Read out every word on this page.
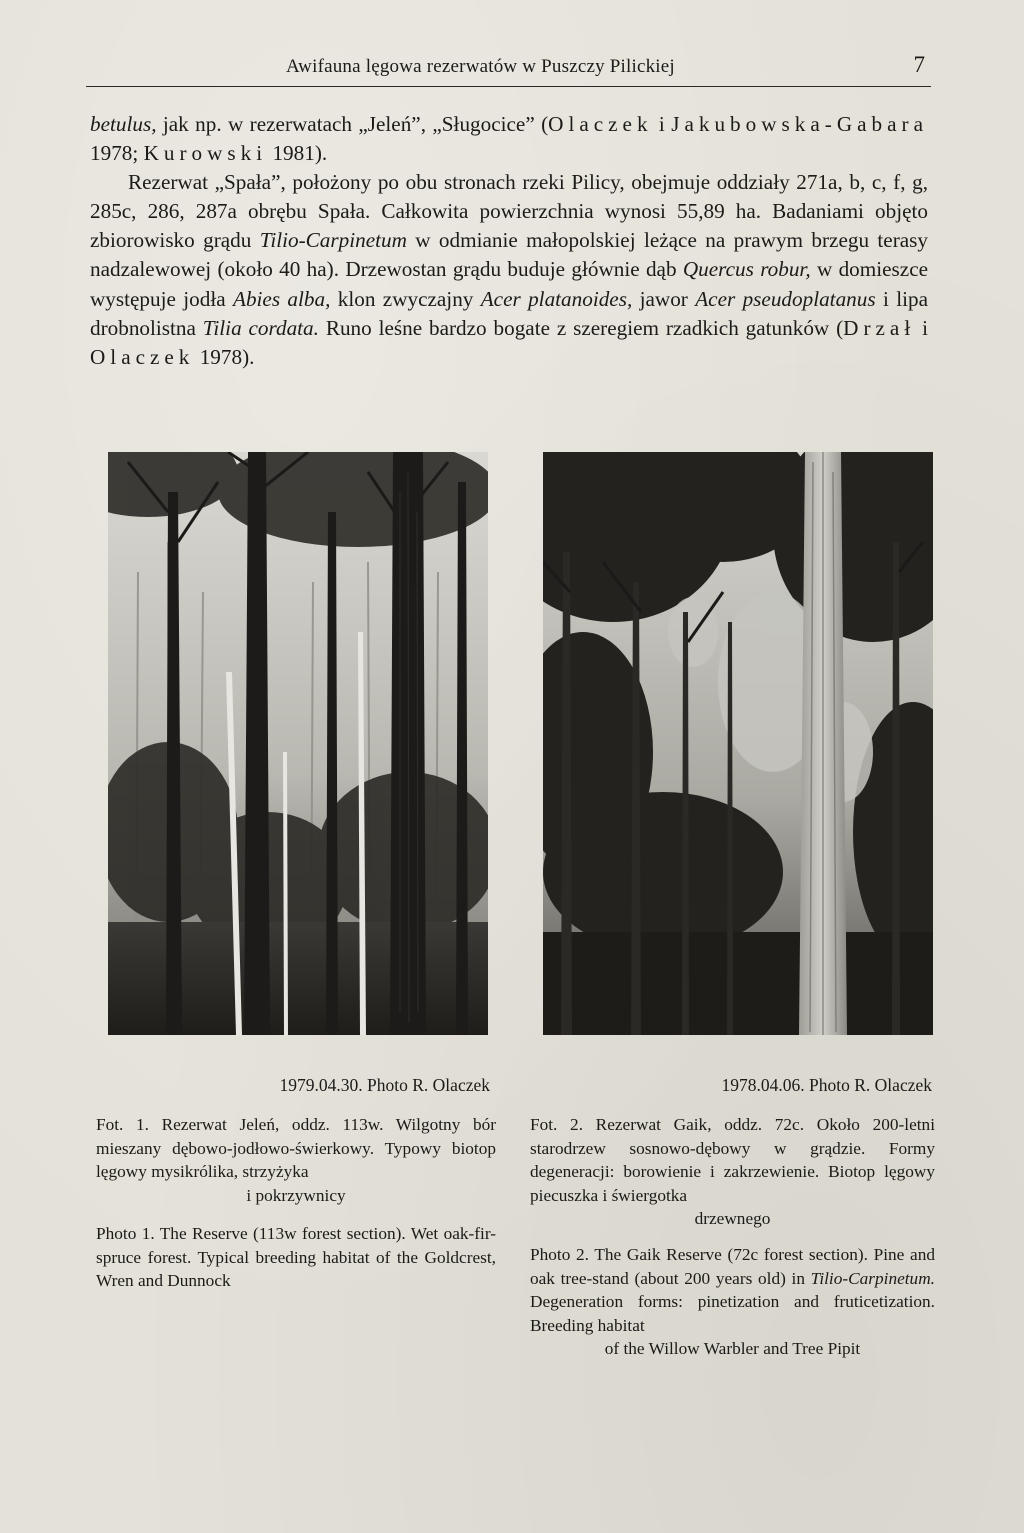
Awifauna lęgowa rezerwatów w Puszczy Pilickiej	7

betulus, jak np. w rezerwatach „Jeleń”, „Sługocice” (Olaczek i Jakubowska-Gabara 1978; Kurowski 1981).

Rezerwat „Spała”, położony po obu stronach rzeki Pilicy, obejmuje oddziały 271a, b, c, f, g, 285c, 286, 287a obrębu Spała. Całkowita powierzchnia wynosi 55,89 ha. Badaniami objęto zbiorowisko grądu Tilio-Carpinetum w odmianie małopolskiej leżące na prawym brzegu terasy nadzalewowej (około 40 ha). Drzewostan grądu buduje głównie dąb Quercus robur, w domieszce występuje jodła Abies alba, klon zwyczajny Acer platanoides, jawor Acer pseudoplatanus i lipa drobnolistna Tilia cordata. Runo leśne bardzo bogate z szeregiem rzadkich gatunków (Drzał i Olaczek 1978).

1979.04.30. Photo R. Olaczek	1978.04.06. Photo R. Olaczek

Fot. 1. Rezerwat Jeleń, oddz. 113w. Wilgotny bór mieszany dębowo-jodłowo-świerkowy. Typowy biotop lęgowy mysikrólika, strzyżyka

i pokrzywnicy

Photo 1. The Reserve (113w forest section). Wet oak-fir-spruce forest. Typical breeding habitat of the Goldcrest, Wren and Dunnock

Fot. 2. Rezerwat Gaik, oddz. 72c. Około 200-letni starodrzew sosnowo-dębowy w grądzie. Formy degeneracji: borowienie i zakrzewienie. Biotop lęgowy piecuszka i świergotka

drzewnego

Photo 2. The Gaik Reserve (72c forest section). Pine and oak tree-stand (about 200 years old) in Tilio-Carpinetum. Degeneration forms: pinetization and fruticetization. Breeding habitat

of the Willow Warbler and Tree Pipit
